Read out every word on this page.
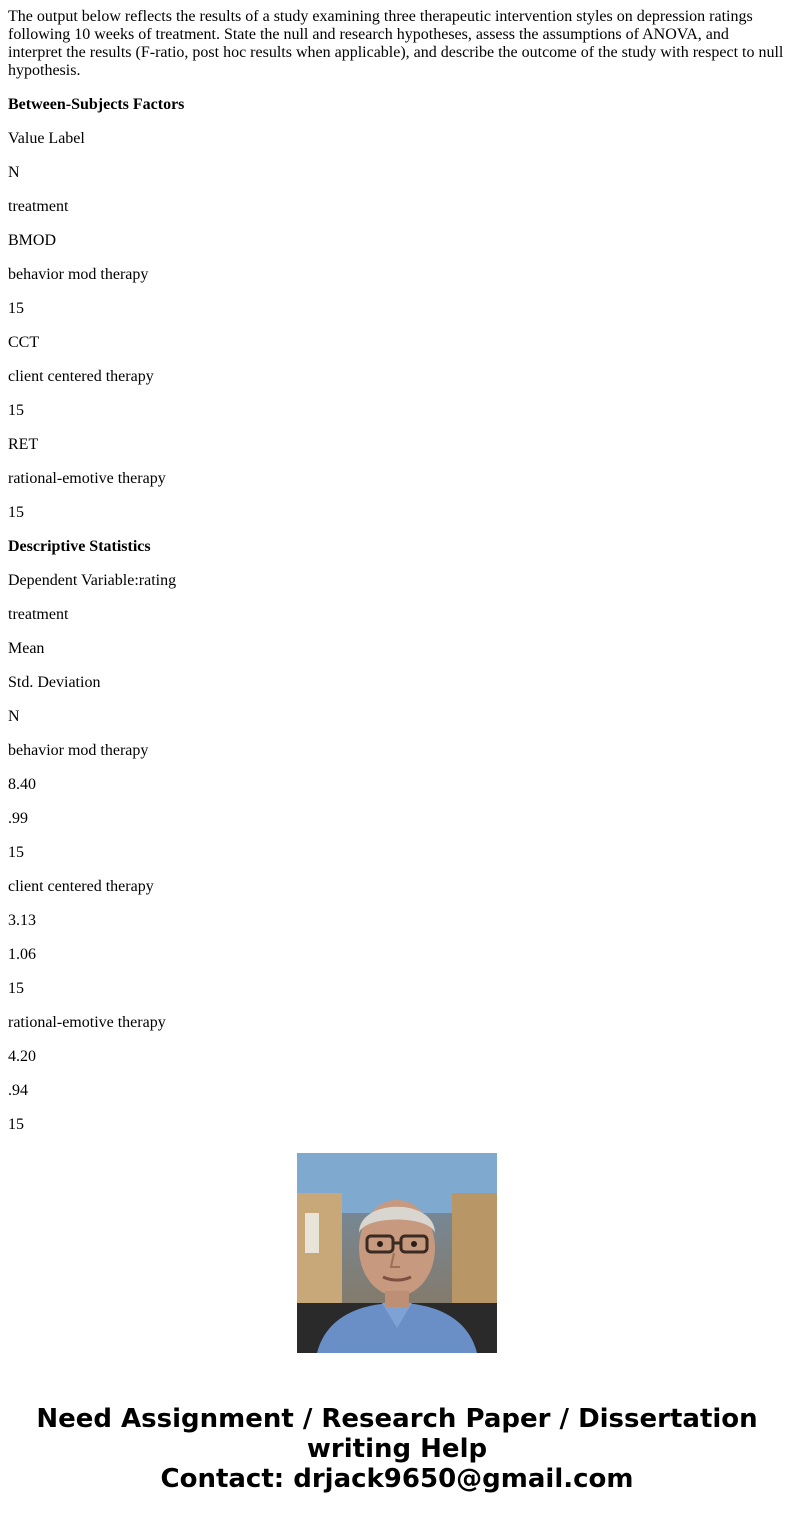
The output below reflects the results of a study examining three therapeutic intervention styles on depression ratings following 10 weeks of treatment. State the null and research hypotheses, assess the assumptions of ANOVA, and interpret the results (F-ratio, post hoc results when applicable), and describe the outcome of the study with respect to null hypothesis.

Between-Subjects Factors

Value Label

N

treatment

BMOD

behavior mod therapy

15

CCT

client centered therapy

15

RET

rational-emotive therapy

15

Descriptive Statistics

Dependent Variable:rating

treatment

Mean

Std. Deviation

N

behavior mod therapy

8.40

.99

15

client centered therapy

3.13

1.06

15

rational-emotive therapy

4.20

.94

15

Need Assignment / Research Paper / Dissertation
writing Help
Contact: drjack9650@gmail.com
